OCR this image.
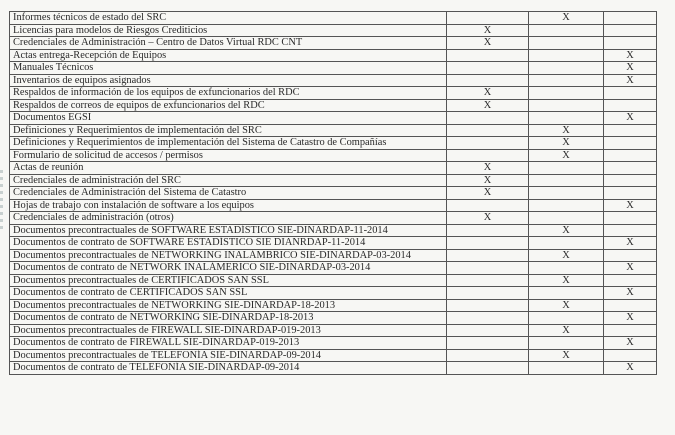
Informes técnicos de estado del SRC		X	
Licencias para modelos de Riesgos Crediticios	X		
Credenciales de Administración – Centro de Datos Virtual RDC CNT	X		
Actas entrega-Recepción de Equipos			X
Manuales Técnicos			X
Inventarios de equipos asignados			X
Respaldos de información de los equipos de exfuncionarios del RDC	X		
Respaldos de correos de equipos de exfuncionarios del RDC	X		
Documentos EGSI			X
Definiciones y Requerimientos de implementación del SRC		X	
Definiciones y Requerimientos de implementación del Sistema de Catastro de Compañías		X	
Formulario de solicitud de accesos / permisos		X	
Actas de reunión	X		
Credenciales de administración del SRC	X		
Credenciales de Administración del Sistema de Catastro	X		
Hojas de trabajo con instalación de software a los equipos			X
Credenciales de administración (otros)	X		
Documentos precontractuales de SOFTWARE ESTADÍSTICO SIE-DINARDAP-11-2014		X	
Documentos de contrato de SOFTWARE ESTADÍSTICO SIE DIANRDAP-11-2014			X
Documentos precontractuales de NETWORKING INALÁMBRICO SIE-DINARDAP-03-2014		X	
Documentos de contrato de NETWORK INALÁMERICO SIE-DINARDAP-03-2014			X
Documentos precontractuales de CERTIFICADOS SAN SSL		X	
Documentos de contrato de CERTIFICADOS SAN SSL			X
Documentos precontractuales de NETWORKING SIE-DINARDAP-18-2013		X	
Documentos de contrato de NETWORKING SIE-DINARDAP-18-2013			X
Documentos precontractuales de FIREWALL SIE-DINARDAP-019-2013		X	
Documentos de contrato de FIREWALL SIE-DINARDAP-019-2013			X
Documentos precontractuales de TELEFONÍA SIE-DINARDAP-09-2014		X	
Documentos de contrato de TELEFONÍA SIE-DINARDAP-09-2014			X
